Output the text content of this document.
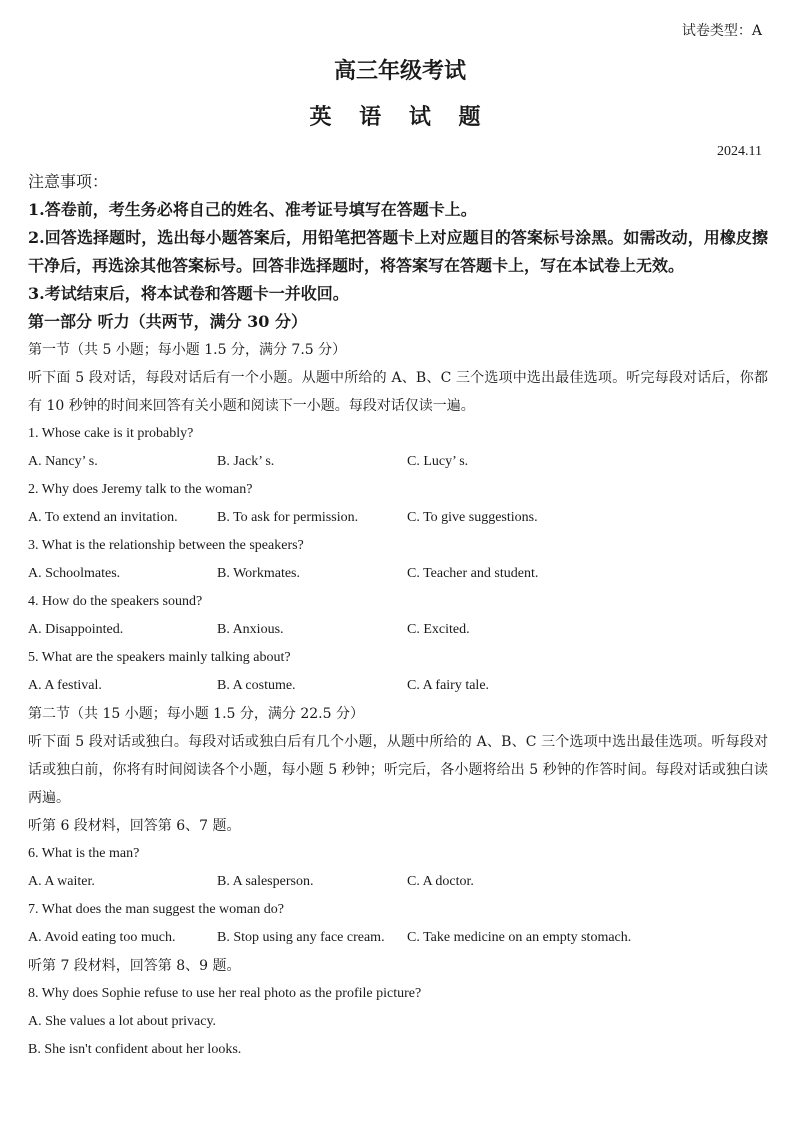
试卷类型：A
高三年级考试
英 语 试 题
2024.11
注意事项：
1.答卷前，考生务必将自己的姓名、准考证号填写在答题卡上。
2.回答选择题时，选出每小题答案后，用铅笔把答题卡上对应题目的答案标号涂黑。如需改动，用橡皮擦干净后，再选涂其他答案标号。回答非选择题时，将答案写在答题卡上，写在本试卷上无效。
3.考试结束后，将本试卷和答题卡一并收回。
第一部分 听力（共两节，满分 30 分）
第一节（共 5 小题；每小题 1.5 分，满分 7.5 分）
听下面 5 段对话，每段对话后有一个小题。从题中所给的 A、B、C 三个选项中选出最佳选项。听完每段对话后，你都有 10 秒钟的时间来回答有关小题和阅读下一小题。每段对话仅读一遍。
1. Whose cake is it probably?
A. Nancy’ s.	B. Jack’ s.	C. Lucy’ s.
2. Why does Jeremy talk to the woman?
A. To extend an invitation.	B. To ask for permission.	C. To give suggestions.
3. What is the relationship between the speakers?
A. Schoolmates.	B. Workmates.	C. Teacher and student.
4. How do the speakers sound?
A. Disappointed.	B. Anxious.	C. Excited.
5. What are the speakers mainly talking about?
A. A festival.	B. A costume.	C. A fairy tale.
第二节（共 15 小题；每小题 1.5 分，满分 22.5 分）
听下面 5 段对话或独白。每段对话或独白后有几个小题，从题中所给的 A、B、C 三个选项中选出最佳选项。听每段对话或独白前，你将有时间阅读各个小题，每小题 5 秒钟；听完后，各小题将给出 5 秒钟的作答时间。每段对话或独白读两遍。
听第 6 段材料，回答第 6、7 题。
6. What is the man?
A. A waiter.	B. A salesperson.	C. A doctor.
7. What does the man suggest the woman do?
A. Avoid eating too much.	B. Stop using any face cream.	C. Take medicine on an empty stomach.
听第 7 段材料，回答第 8、9 题。
8. Why does Sophie refuse to use her real photo as the profile picture?
A. She values a lot about privacy.
B. She isn't confident about her looks.
